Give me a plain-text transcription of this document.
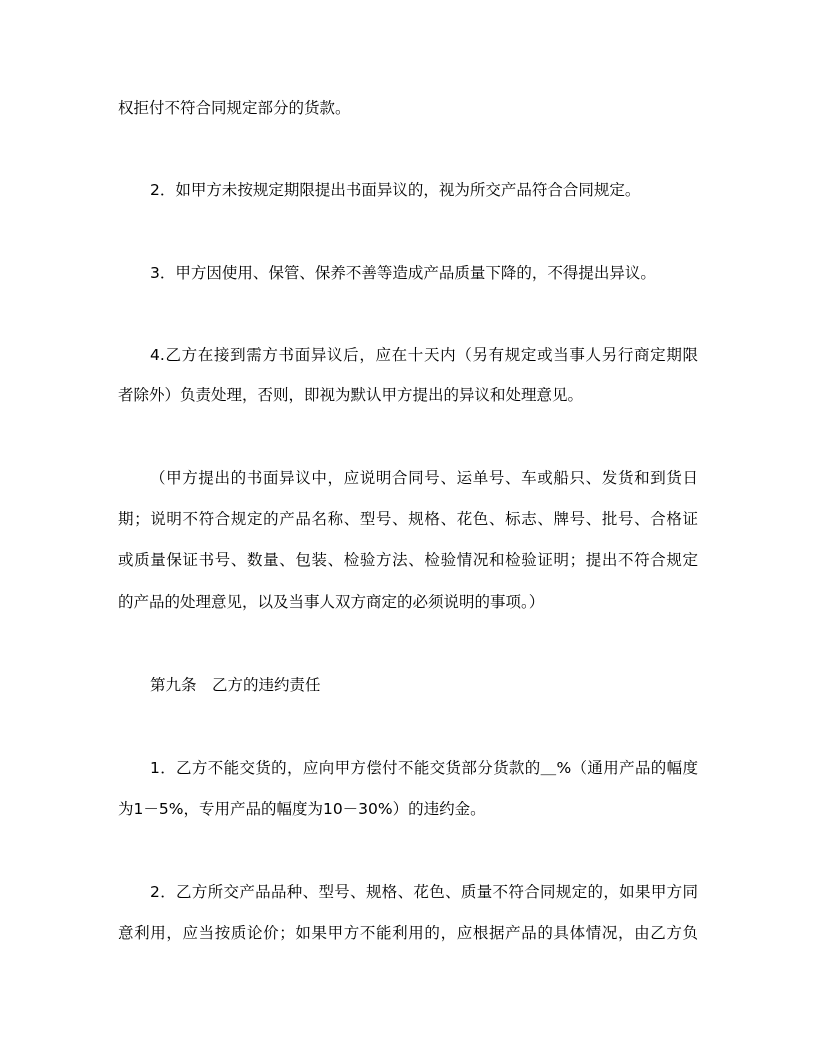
权拒付不符合同规定部分的货款。
2．如甲方未按规定期限提出书面异议的，视为所交产品符合合同规定。
3．甲方因使用、保管、保养不善等造成产品质量下降的，不得提出异议。
4.乙方在接到需方书面异议后，应在十天内（另有规定或当事人另行商定期限
者除外）负责处理，否则，即视为默认甲方提出的异议和处理意见。
（甲方提出的书面异议中，应说明合同号、运单号、车或船只、发货和到货日
期；说明不符合规定的产品名称、型号、规格、花色、标志、牌号、批号、合格证
或质量保证书号、数量、包装、检验方法、检验情况和检验证明；提出不符合规定
的产品的处理意见，以及当事人双方商定的必须说明的事项。）
第九条　乙方的违约责任
1．乙方不能交货的，应向甲方偿付不能交货部分货款的＿%（通用产品的幅度
为1－5%，专用产品的幅度为10－30%）的违约金。
2．乙方所交产品品种、型号、规格、花色、质量不符合同规定的，如果甲方同
意利用，应当按质论价；如果甲方不能利用的，应根据产品的具体情况，由乙方负
